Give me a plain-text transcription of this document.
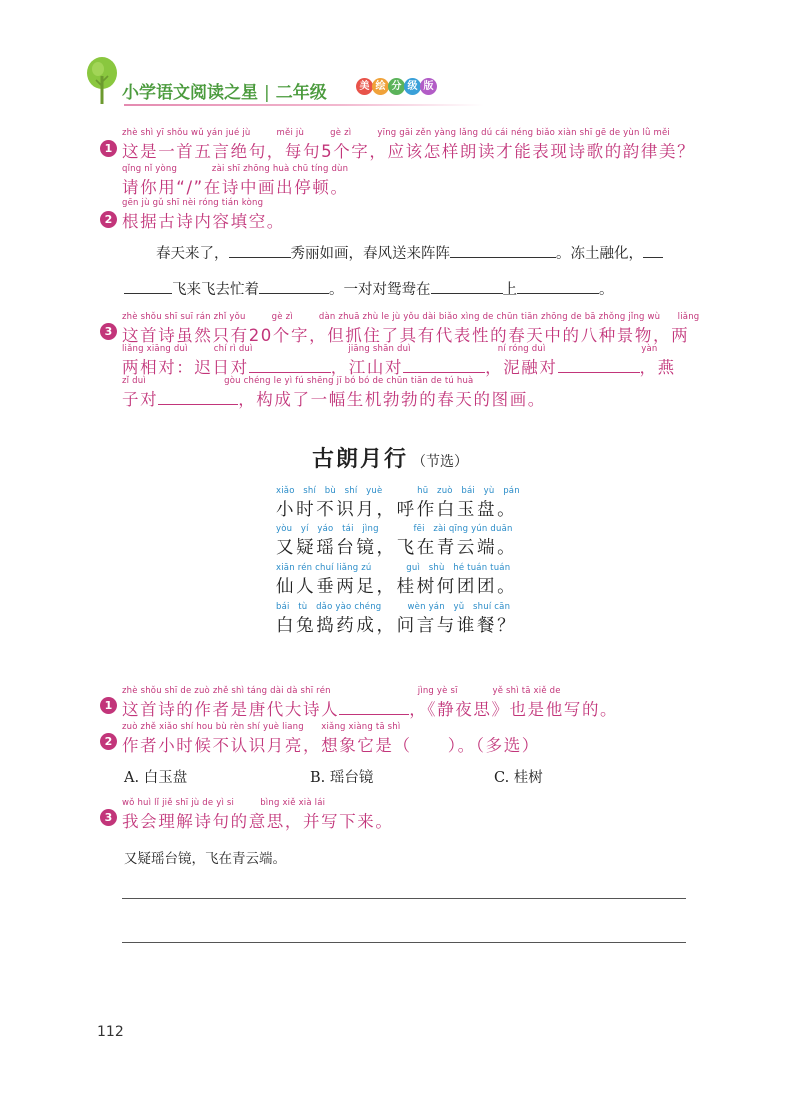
小学语文阅读之星 | 二年级	美 绘 分 级 版
1
zhè shì yī shǒu wǔ yán jué jù　　　měi jù　　　gè zì　　　yīng gāi zěn yàng lǎng dú cái néng biǎo xiàn shī gē de yùn lǜ měi
这是一首五言绝句，每句5个字，应该怎样朗读才能表现诗歌的韵律美？
qǐng nǐ yòng　　　　zài shī zhōng huà chū tíng dùn
请你用“/”在诗中画出停顿。
2
gēn jù gǔ shī nèi róng tián kòng
根据古诗内容填空。
春天来了，	秀丽如画，春风送来阵阵	。冻土融化，
飞来飞去忙着	。一对对鸳鸯在	上	。
3
zhè shǒu shī suī rán zhǐ yǒu　　　gè zì　　　dàn zhuā zhù le jù yǒu dài biǎo xìng de chūn tiān zhōng de bā zhǒng jǐng wù　　liǎng
这首诗虽然只有20个字，但抓住了具有代表性的春天中的八种景物，两
liǎng xiāng duì　　　chí rì duì　　　　　　　　　　　jiāng shān duì　　　　　　　　　　ní róng duì　　　　　　　　　　　yàn
两相对：迟日对	，江山对	，泥融对	，燕
zǐ duì　　　　　　　　　gòu chéng le yì fú shēng jī bó bó de chūn tiān de tú huà
子对	，构成了一幅生机勃勃的春天的图画。
古朗月行 （节选）
xiǎo　shí　bù　shí　yuè　　　　hū　zuò　bái　yù　pán
小时不识月，呼作白玉盘。
yòu　yí　yáo　tái　jìng　　　　fēi　zài qīng yún duān
又疑瑶台镜，飞在青云端。
xiān rén chuí liǎng zú　　　　guì　shù　hé tuán tuán
仙人垂两足，桂树何团团。
bái　tù　dǎo yào chéng　　　wèn yán　yǔ　shuí cān
白兔捣药成，问言与谁餐？
1
zhè shǒu shī de zuò zhě shì táng dài dà shī rén　　　　　　　　　　jìng yè sī　　　　yě shì tā xiě de
这首诗的作者是唐代大诗人	，《静夜思》也是他写的。
2
zuò zhě xiǎo shí hou bù rèn shí yuè liang　　xiǎng xiàng tā shì
作者小时候不认识月亮，想象它是（　　）。（多选）
A. 白玉盘	B. 瑶台镜	C. 桂树
3
wǒ huì lǐ jiě shī jù de yì si　　　bìng xiě xià lái
我会理解诗句的意思，并写下来。
又疑瑶台镜，飞在青云端。
112
